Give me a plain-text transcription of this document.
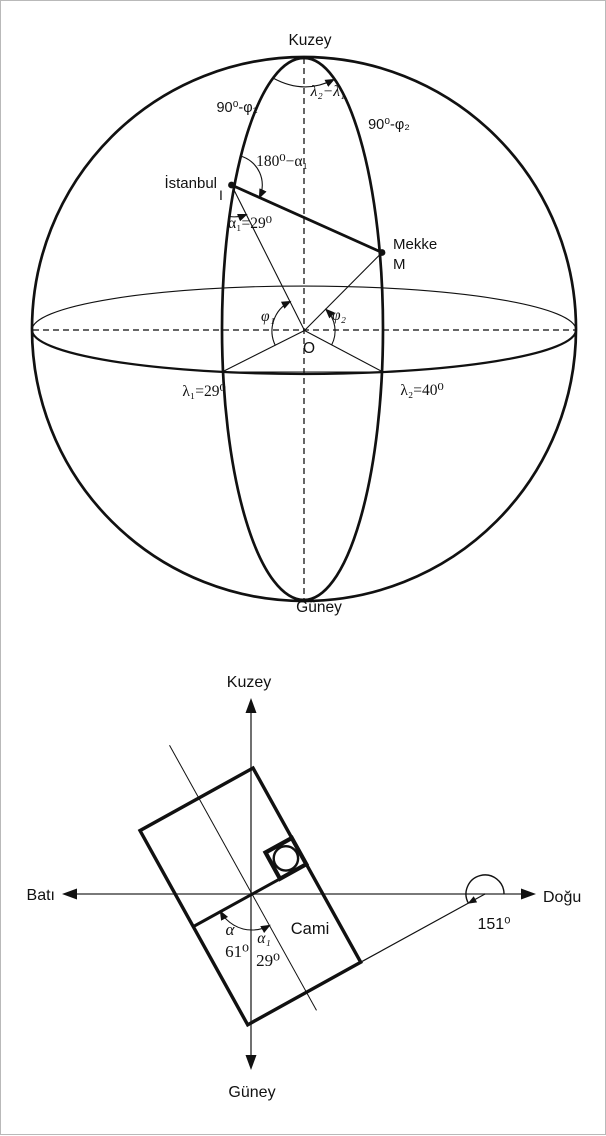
Kuzey
Güney
90⁰-φ₁
90⁰-φ₂
λ₂−λ₁
180⁰−α₁
α₁=29⁰
İstanbul
I
Mekke
M
φ₁	φ₂
O
λ₁=29⁰	λ₂=40⁰
Kuzey
Güney
Batı	Doğu
α
61⁰
α₁
29⁰
Cami	151⁰
